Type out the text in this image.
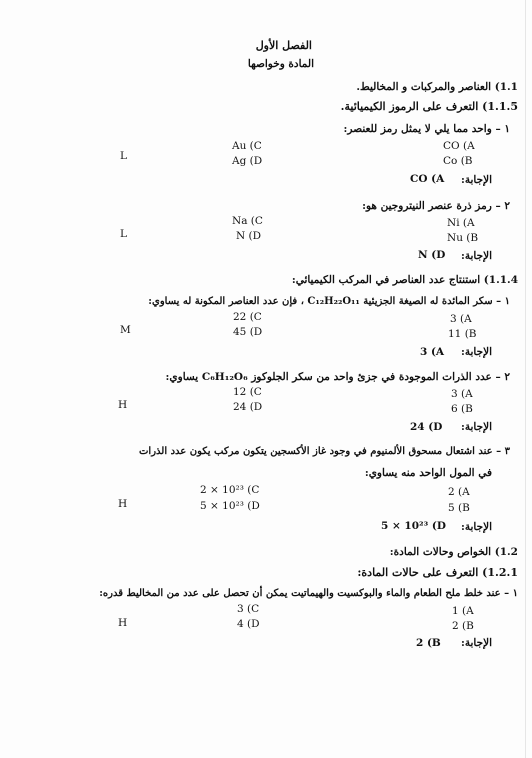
الفصل الأول
المادة وخواصها
1.1) العناصر والمركبات و المخاليط.
1.1.5) التعرف على الرموز الكيميائية.
١ – واحد مما يلي لا يمثل رمز للعنصر:
CO (A
Co (B
Au (C
Ag (D
L
الإجابة:
CO (A
٢ – رمز ذرة عنصر النيتروجين هو:
Ni (A
Nu (B
Na (C
N (D
L
الإجابة:
N (D
1.1.4) استنتاج عدد العناصر في المركب الكيميائي:
١ – سكر المائدة له الصيغة الجزيئية C₁₂H₂₂O₁₁ ، فإن عدد العناصر المكونة له يساوي:
3 (A
11 (B
22 (C
45 (D
M
الإجابة:
3 (A
٢ – عدد الذرات الموجودة في جزئ واحد من سكر الجلوكوز C₆H₁₂O₆ يساوي:
3 (A
6 (B
12 (C
24 (D
H
الإجابة:
24 (D
٣ – عند اشتعال مسحوق الألمنيوم في وجود غاز الأكسجين يتكون مركب يكون عدد الذرات
في المول الواحد منه يساوي:
2 (A
5 (B
2 × 10²³ (C
5 × 10²³ (D
H
الإجابة:
5 × 10²³ (D
1.2) الخواص وحالات المادة:
1.2.1) التعرف على حالات المادة:
١ – عند خلط ملح الطعام والماء والبوكسيت والهيماتيت يمكن أن تحصل على عدد من المخاليط قدره:
1 (A
2 (B
3 (C
4 (D
H
الإجابة:
2 (B
